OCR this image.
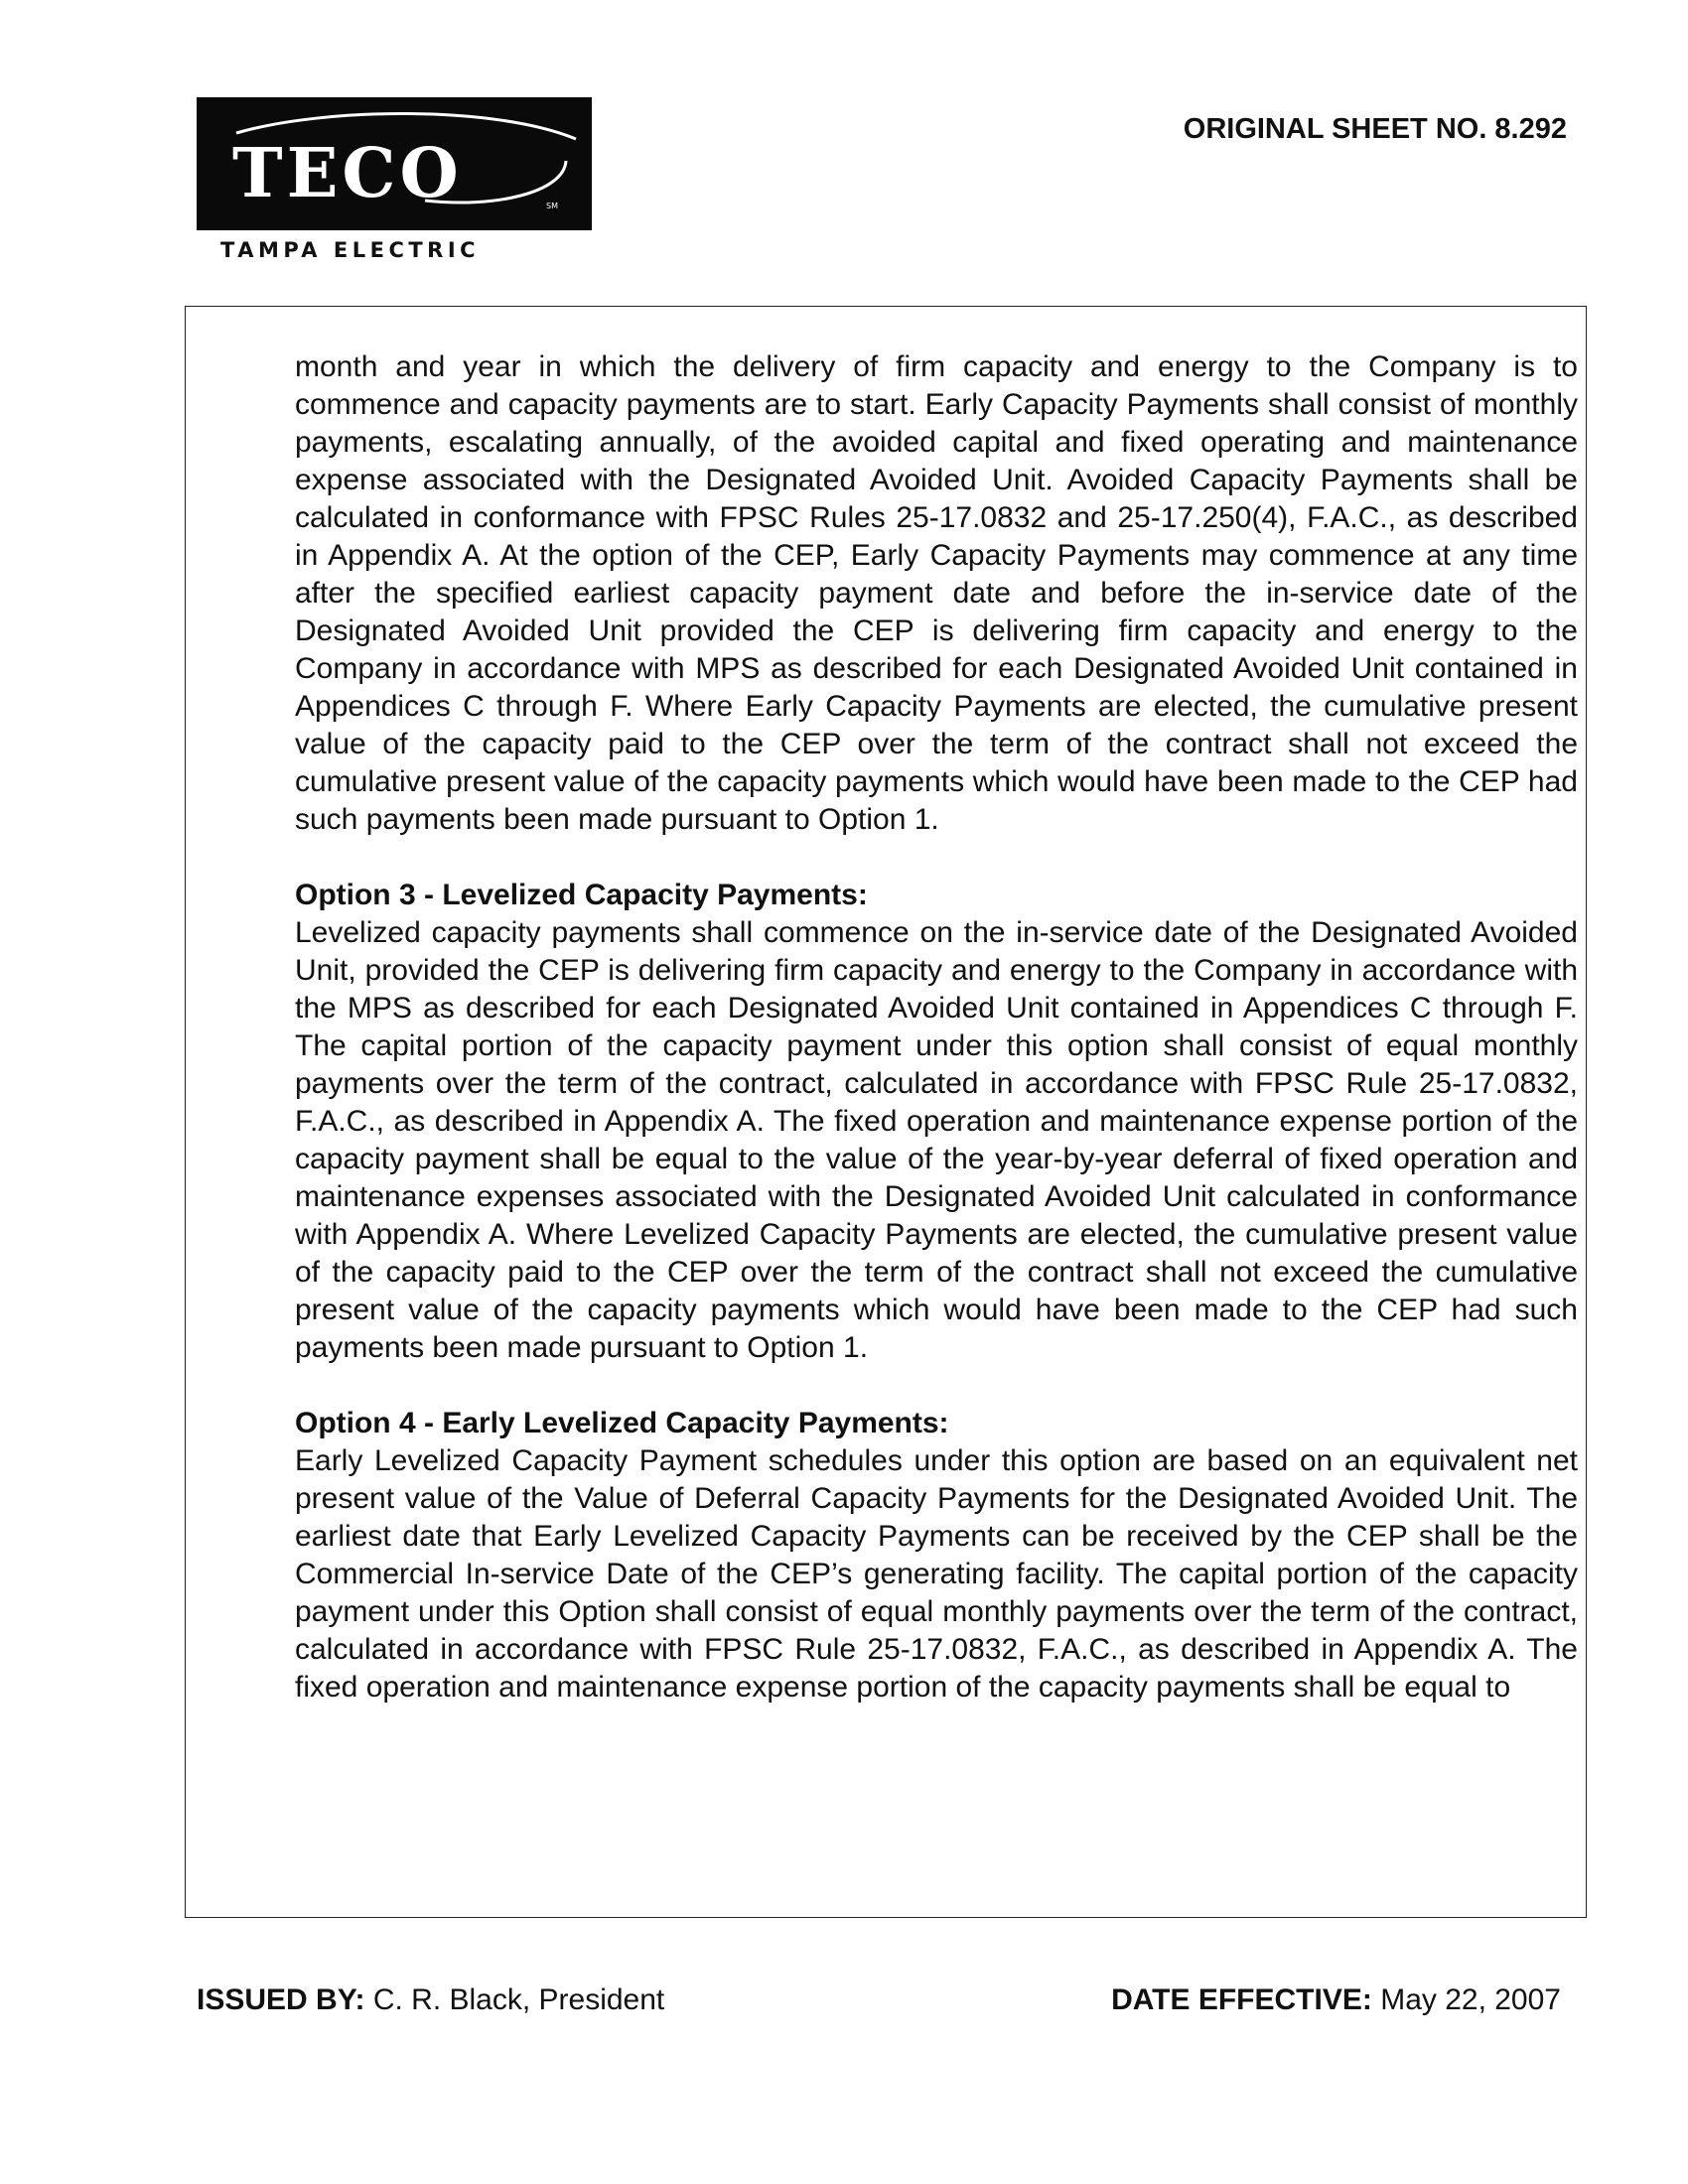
TECO	SM
TAMPA ELECTRIC
ORIGINAL SHEET NO. 8.292

month and year in which the delivery of firm capacity and energy to the Company is to commence and capacity payments are to start. Early Capacity Payments shall consist of monthly payments, escalating annually, of the avoided capital and fixed operating and maintenance expense associated with the Designated Avoided Unit. Avoided Capacity Payments shall be calculated in conformance with FPSC Rules 25-17.0832 and 25-17.250(4), F.A.C., as described in Appendix A. At the option of the CEP, Early Capacity Payments may commence at any time after the specified earliest capacity payment date and before the in-service date of the Designated Avoided Unit provided the CEP is delivering firm capacity and energy to the Company in accordance with MPS as described for each Designated Avoided Unit contained in Appendices C through F. Where Early Capacity Payments are elected, the cumulative present value of the capacity paid to the CEP over the term of the contract shall not exceed the cumulative present value of the capacity payments which would have been made to the CEP had such payments been made pursuant to Option 1.

Option 3 - Levelized Capacity Payments:

Levelized capacity payments shall commence on the in-service date of the Designated Avoided Unit, provided the CEP is delivering firm capacity and energy to the Company in accordance with the MPS as described for each Designated Avoided Unit contained in Appendices C through F. The capital portion of the capacity payment under this option shall consist of equal monthly payments over the term of the contract, calculated in accordance with FPSC Rule 25-17.0832, F.A.C., as described in Appendix A. The fixed operation and maintenance expense portion of the capacity payment shall be equal to the value of the year-by-year deferral of fixed operation and maintenance expenses associated with the Designated Avoided Unit calculated in conformance with Appendix A. Where Levelized Capacity Payments are elected, the cumulative present value of the capacity paid to the CEP over the term of the contract shall not exceed the cumulative present value of the capacity payments which would have been made to the CEP had such payments been made pursuant to Option 1.

Option 4 - Early Levelized Capacity Payments:

Early Levelized Capacity Payment schedules under this option are based on an equivalent net present value of the Value of Deferral Capacity Payments for the Designated Avoided Unit. The earliest date that Early Levelized Capacity Payments can be received by the CEP shall be the Commercial In-service Date of the CEP’s generating facility. The capital portion of the capacity payment under this Option shall consist of equal monthly payments over the term of the contract, calculated in accordance with FPSC Rule 25-17.0832, F.A.C., as described in Appendix A. The fixed operation and maintenance expense portion of the capacity payments shall be equal to

ISSUED BY: C. R. Black, President	DATE EFFECTIVE: May 22, 2007
